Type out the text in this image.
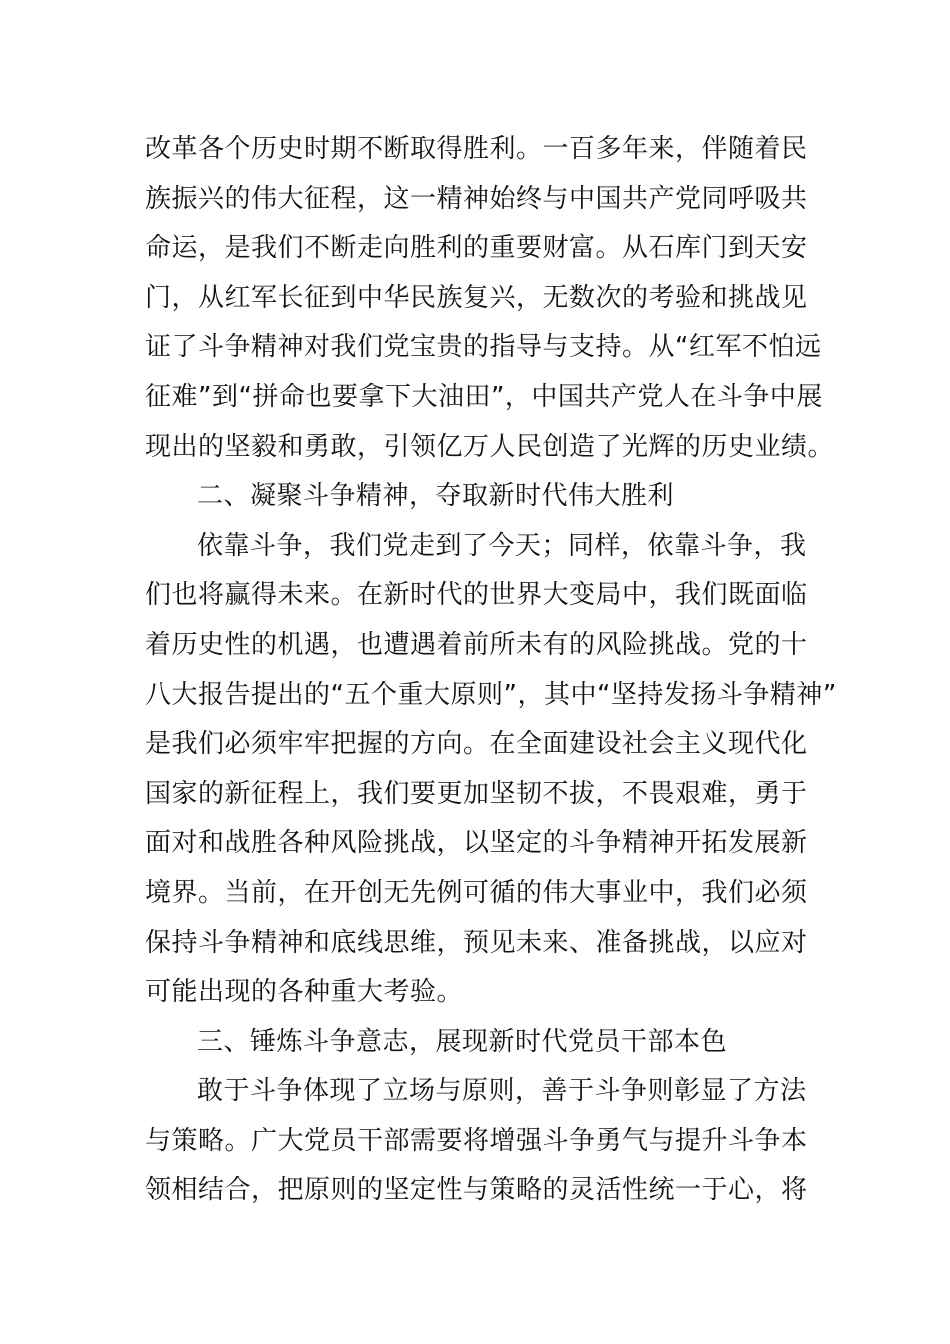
改革各个历史时期不断取得胜利。一百多年来，伴随着民
族振兴的伟大征程，这一精神始终与中国共产党同呼吸共
命运，是我们不断走向胜利的重要财富。从石库门到天安
门，从红军长征到中华民族复兴，无数次的考验和挑战见
证了斗争精神对我们党宝贵的指导与支持。从“红军不怕远
征难”到“拼命也要拿下大油田”，中国共产党人在斗争中展
现出的坚毅和勇敢，引领亿万人民创造了光辉的历史业绩。
二、凝聚斗争精神，夺取新时代伟大胜利
依靠斗争，我们党走到了今天；同样，依靠斗争，我
们也将赢得未来。在新时代的世界大变局中，我们既面临
着历史性的机遇，也遭遇着前所未有的风险挑战。党的十
八大报告提出的“五个重大原则”，其中“坚持发扬斗争精神”
是我们必须牢牢把握的方向。在全面建设社会主义现代化
国家的新征程上，我们要更加坚韧不拔，不畏艰难，勇于
面对和战胜各种风险挑战，以坚定的斗争精神开拓发展新
境界。当前，在开创无先例可循的伟大事业中，我们必须
保持斗争精神和底线思维，预见未来、准备挑战，以应对
可能出现的各种重大考验。
三、锤炼斗争意志，展现新时代党员干部本色
敢于斗争体现了立场与原则，善于斗争则彰显了方法
与策略。广大党员干部需要将增强斗争勇气与提升斗争本
领相结合，把原则的坚定性与策略的灵活性统一于心，将
